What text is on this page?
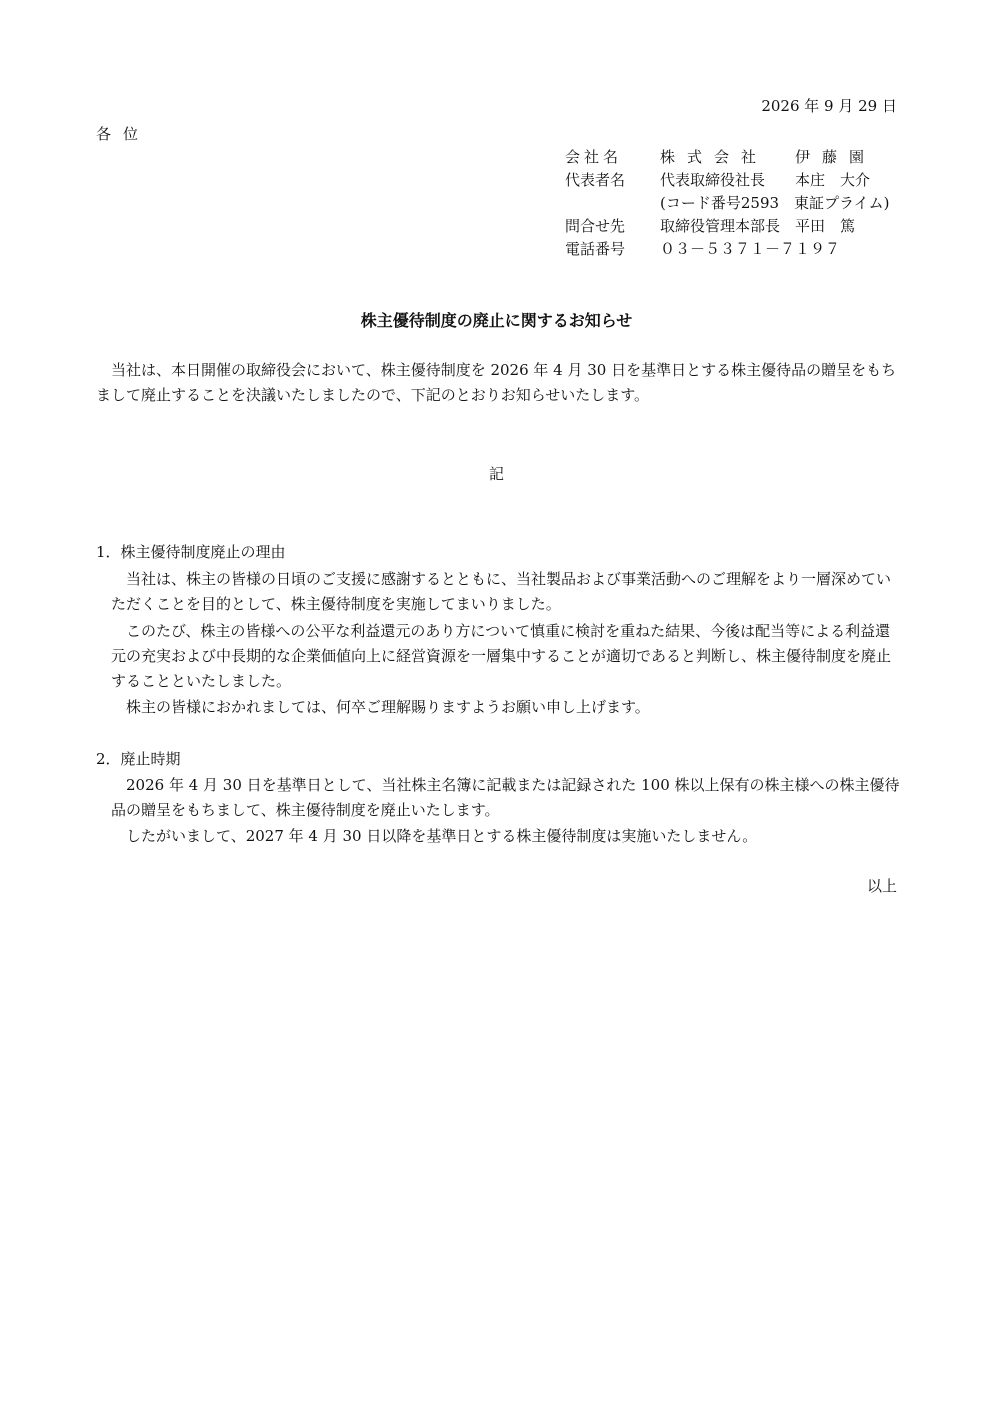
2026 年 9 月 29 日
各位
会社名	株式会社　伊藤園
代表者名 代表取締役社長　　本庄　大介
(コード番号2593　東証プライム)
問合せ先 取締役管理本部長　平田　篤
電話番号 ０３－５３７１－７１９７
株主優待制度の廃止に関するお知らせ
当社は、本日開催の取締役会において、株主優待制度を 2026 年 4 月 30 日を基準日とする株主優待品の贈呈をもちまして廃止することを決議いたしましたので、下記のとおりお知らせいたします。
記
1．株主優待制度廃止の理由
当社は、株主の皆様の日頃のご支援に感謝するとともに、当社製品および事業活動へのご理解をより一層深めていただくことを目的として、株主優待制度を実施してまいりました。
このたび、株主の皆様への公平な利益還元のあり方について慎重に検討を重ねた結果、今後は配当等による利益還元の充実および中長期的な企業価値向上に経営資源を一層集中することが適切であると判断し、株主優待制度を廃止することといたしました。
株主の皆様におかれましては、何卒ご理解賜りますようお願い申し上げます。
2．廃止時期
2026 年 4 月 30 日を基準日として、当社株主名簿に記載または記録された 100 株以上保有の株主様への株主優待品の贈呈をもちまして、株主優待制度を廃止いたします。
したがいまして、2027 年 4 月 30 日以降を基準日とする株主優待制度は実施いたしません。
以上
